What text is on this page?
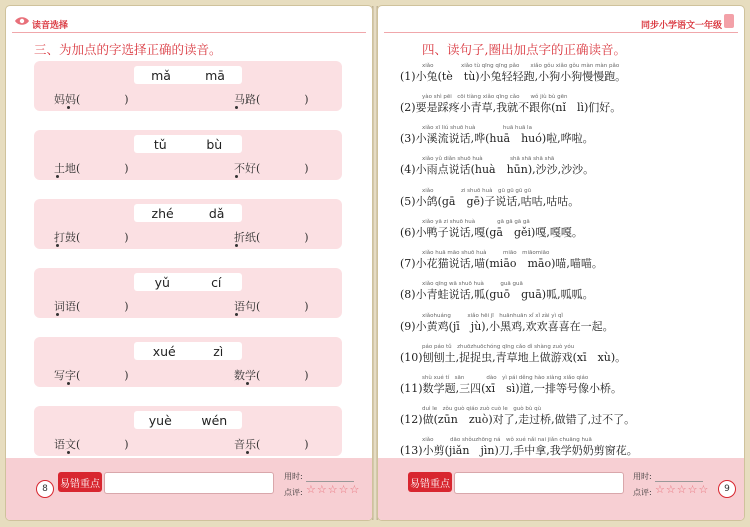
读音选择
三、为加点的字选择正确的读音。
mǎ	mā
妈妈(　　　　)	马路(　　　　)
tǔ	bù
土地(　　　　)	不好(　　　　)
zhé	dǎ
打鼓(　　　　)	折纸(　　　　)
yǔ	cí
词语(　　　　)	语句(　　　　)
xué	zì
写字(　　　　)	数学(　　　　)
yuè wén
语文(　　　　)	音乐(　　　　)
8	易错重点
用时:
点评: ☆☆☆☆☆
同步小学语文一年级
四、读句子,圈出加点字的正确读音。
xiǎo　　　　　xiǎo tù qīng qīng pǎo　　xiǎo gǒu xiǎo gǒu màn màn pǎo
(1)小兔(tè　tù)小兔轻轻跑,小狗小狗慢慢跑。
yào shì pēi　cōi tiàng xiǎo qīng cǎo　　wǒ jiù bù gēn
(2)要是踩疼小青草,我就不跟你(nǐ　lì)们好。
xiǎo xī liú shuō huà　　　　　huā huā la
(3)小溪流说话,哗(huā　huó)啦,哗啦。
xiǎo yǔ diǎn shuō huà　　　　　shā shā shā shā
(4)小雨点说话(huà　hūn),沙沙,沙沙。
xiǎo　　　　　zi shuō huà　gū gū gū gū
(5)小鸽(gā　gē)子说话,咕咕,咕咕。
xiǎo yā zi shuō huà　　　　gā gā gā gā
(6)小鸭子说话,嘎(gā　gěi)嘎,嘎嘎。
xiǎo huā māo shuō huà　　　miāo　miāomiāo
(7)小花猫说话,喵(miāo　māo)喵,喵喵。
xiǎo qīng wā shuō huà　　　guā guā
(8)小青蛙说话,呱(guō　guā)呱,呱呱。
xiǎohuáng　　　xiǎo hēi jī　huānhuān xǐ xǐ zài yì qǐ
(9)小黄鸡(jī　jù),小黑鸡,欢欢喜喜在一起。
páo páo tǔ　zhuōzhuōchóng qīng cǎo dì shàng zuò yóu
(10)刨刨土,捉捉虫,青草地上做游戏(xī　xù)。
shù xué tí　sān　　　　dào　yì pái děng hào xiàng xiǎo qiáo
(11)数学题,三四(xī　sì)道,一排等号像小桥。
duì le　zǒu guò qiáo zuò cuò le　guò bù qù
(12)做(zūn　zuò)对了,走过桥,做错了,过不了。
xiǎo　　　dāo shǒuzhōng ná　wǒ xué nǎi nai jiǎn chuāng huā
(13)小剪(jiǎn　jìn)刀,手中拿,我学奶奶剪窗花。
易错重点
用时:
点评: ☆☆☆☆☆	9
